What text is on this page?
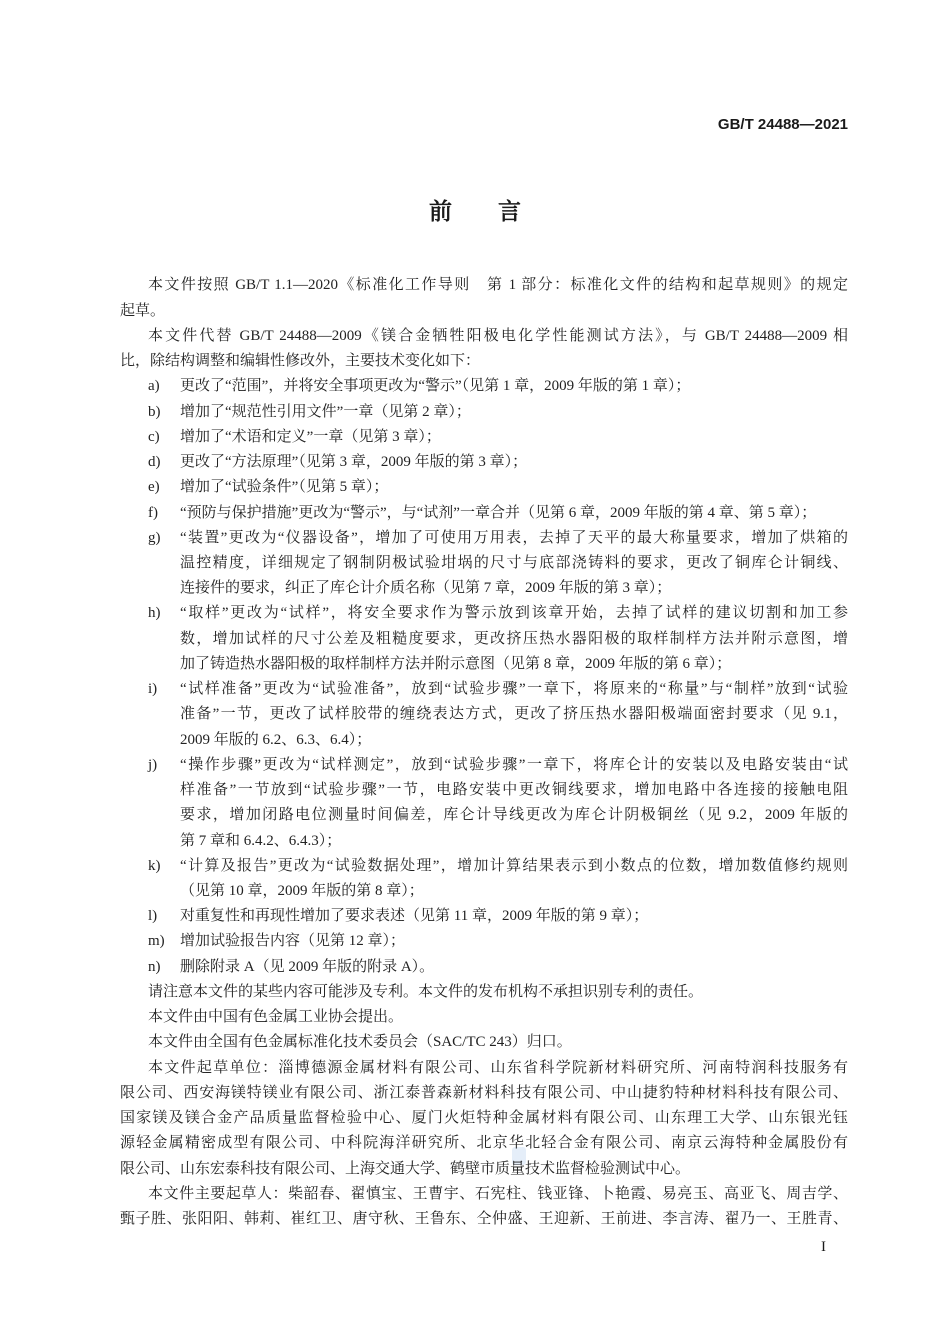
GB/T 24488—2021
前　　言
本文件按照 GB/T 1.1—2020《标准化工作导则　第 1 部分：标准化文件的结构和起草规则》的规定
起草。
本文件代替 GB/T 24488—2009《镁合金牺牲阳极电化学性能测试方法》，与 GB/T 24488—2009 相
比，除结构调整和编辑性修改外，主要技术变化如下：
a)	更改了“范围”，并将安全事项更改为“警示”（见第 1 章，2009 年版的第 1 章）；
b)	增加了“规范性引用文件”一章（见第 2 章）；
c)	增加了“术语和定义”一章（见第 3 章）；
d)	更改了“方法原理”（见第 3 章，2009 年版的第 3 章）；
e)	增加了“试验条件”（见第 5 章）；
f)	“预防与保护措施”更改为“警示”，与“试剂”一章合并（见第 6 章，2009 年版的第 4 章、第 5 章）；
g)	“装置”更改为“仪器设备”，增加了可使用万用表，去掉了天平的最大称量要求，增加了烘箱的
温控精度，详细规定了钢制阴极试验坩埚的尺寸与底部浇铸料的要求，更改了铜库仑计铜线、
连接件的要求，纠正了库仑计介质名称（见第 7 章，2009 年版的第 3 章）；
h)	“取样”更改为“试样”，将安全要求作为警示放到该章开始，去掉了试样的建议切割和加工参
数，增加试样的尺寸公差及粗糙度要求，更改挤压热水器阳极的取样制样方法并附示意图，增
加了铸造热水器阳极的取样制样方法并附示意图（见第 8 章，2009 年版的第 6 章）；
i)	“试样准备”更改为“试验准备”，放到“试验步骤”一章下，将原来的“称量”与“制样”放到“试验
准备”一节，更改了试样胶带的缠绕表达方式，更改了挤压热水器阳极端面密封要求（见 9.1，
2009 年版的 6.2、6.3、6.4）；
j)	“操作步骤”更改为“试样测定”，放到“试验步骤”一章下，将库仑计的安装以及电路安装由“试
样准备”一节放到“试验步骤”一节，电路安装中更改铜线要求，增加电路中各连接的接触电阻
要求，增加闭路电位测量时间偏差，库仑计导线更改为库仑计阴极铜丝（见 9.2，2009 年版的
第 7 章和 6.4.2、6.4.3）；
k)	“计算及报告”更改为“试验数据处理”，增加计算结果表示到小数点的位数，增加数值修约规则
（见第 10 章，2009 年版的第 8 章）；
l)	对重复性和再现性增加了要求表述（见第 11 章，2009 年版的第 9 章）；
m)	增加试验报告内容（见第 12 章）；
n)	删除附录 A（见 2009 年版的附录 A）。
请注意本文件的某些内容可能涉及专利。本文件的发布机构不承担识别专利的责任。
本文件由中国有色金属工业协会提出。
本文件由全国有色金属标准化技术委员会（SAC/TC 243）归口。
本文件起草单位：淄博德源金属材料有限公司、山东省科学院新材料研究所、河南特润科技服务有
限公司、西安海镁特镁业有限公司、浙江泰普森新材料科技有限公司、中山捷豹特种材料科技有限公司、
国家镁及镁合金产品质量监督检验中心、厦门火炬特种金属材料有限公司、山东理工大学、山东银光钰
源轻金属精密成型有限公司、中科院海洋研究所、北京华北轻合金有限公司、南京云海特种金属股份有
限公司、山东宏泰科技有限公司、上海交通大学、鹤壁市质量技术监督检验测试中心。
本文件主要起草人：柴韶春、翟慎宝、王曹宇、石宪柱、钱亚锋、卜艳霞、易亮玉、高亚飞、周吉学、
甄子胜、张阳阳、韩莉、崔红卫、唐守秋、王鲁东、仝仲盛、王迎新、王前进、李言涛、翟乃一、王胜青、
I
